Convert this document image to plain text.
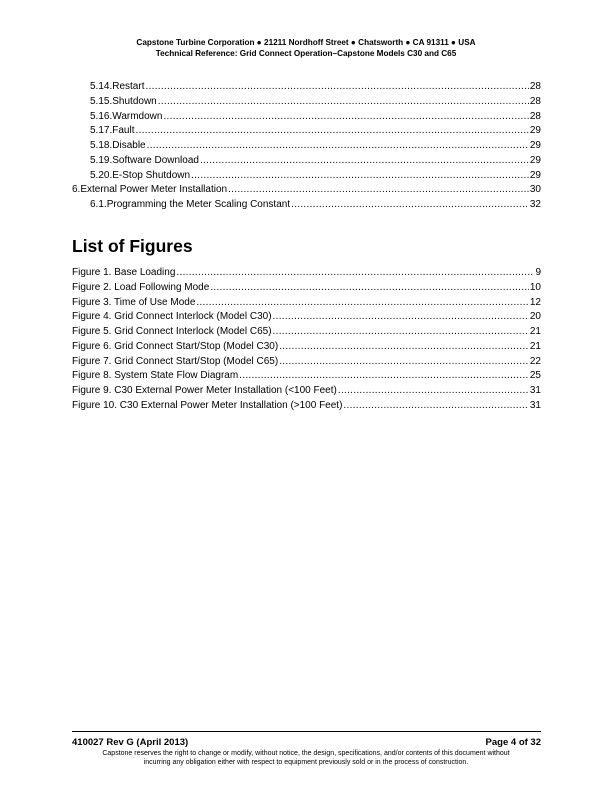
Capstone Turbine Corporation ● 21211 Nordhoff Street ● Chatsworth ● CA 91311 ● USA
Technical Reference: Grid Connect Operation–Capstone Models C30 and C65
5.14. Restart .....	28
5.15. Shutdown .....	28
5.16. Warmdown .....	28
5.17. Fault .....	29
5.18. Disable .....	29
5.19. Software Download .....	29
5.20. E-Stop Shutdown .....	29
6. External Power Meter Installation .....	30
6.1. Programming the Meter Scaling Constant .....	32
List of Figures
Figure 1. Base Loading .....	9
Figure 2. Load Following Mode .....	10
Figure 3. Time of Use Mode .....	12
Figure 4. Grid Connect Interlock (Model C30) .....	20
Figure 5. Grid Connect Interlock (Model C65) .....	21
Figure 6. Grid Connect Start/Stop (Model C30) .....	21
Figure 7. Grid Connect Start/Stop (Model C65) .....	22
Figure 8. System State Flow Diagram .....	25
Figure 9. C30 External Power Meter Installation (<100 Feet) .....	31
Figure 10. C30 External Power Meter Installation (>100 Feet) .....	31
410027 Rev G (April 2013)	Page 4 of 32
Capstone reserves the right to change or modify, without notice, the design, specifications, and/or contents of this document without
incurring any obligation either with respect to equipment previously sold or in the process of construction.
